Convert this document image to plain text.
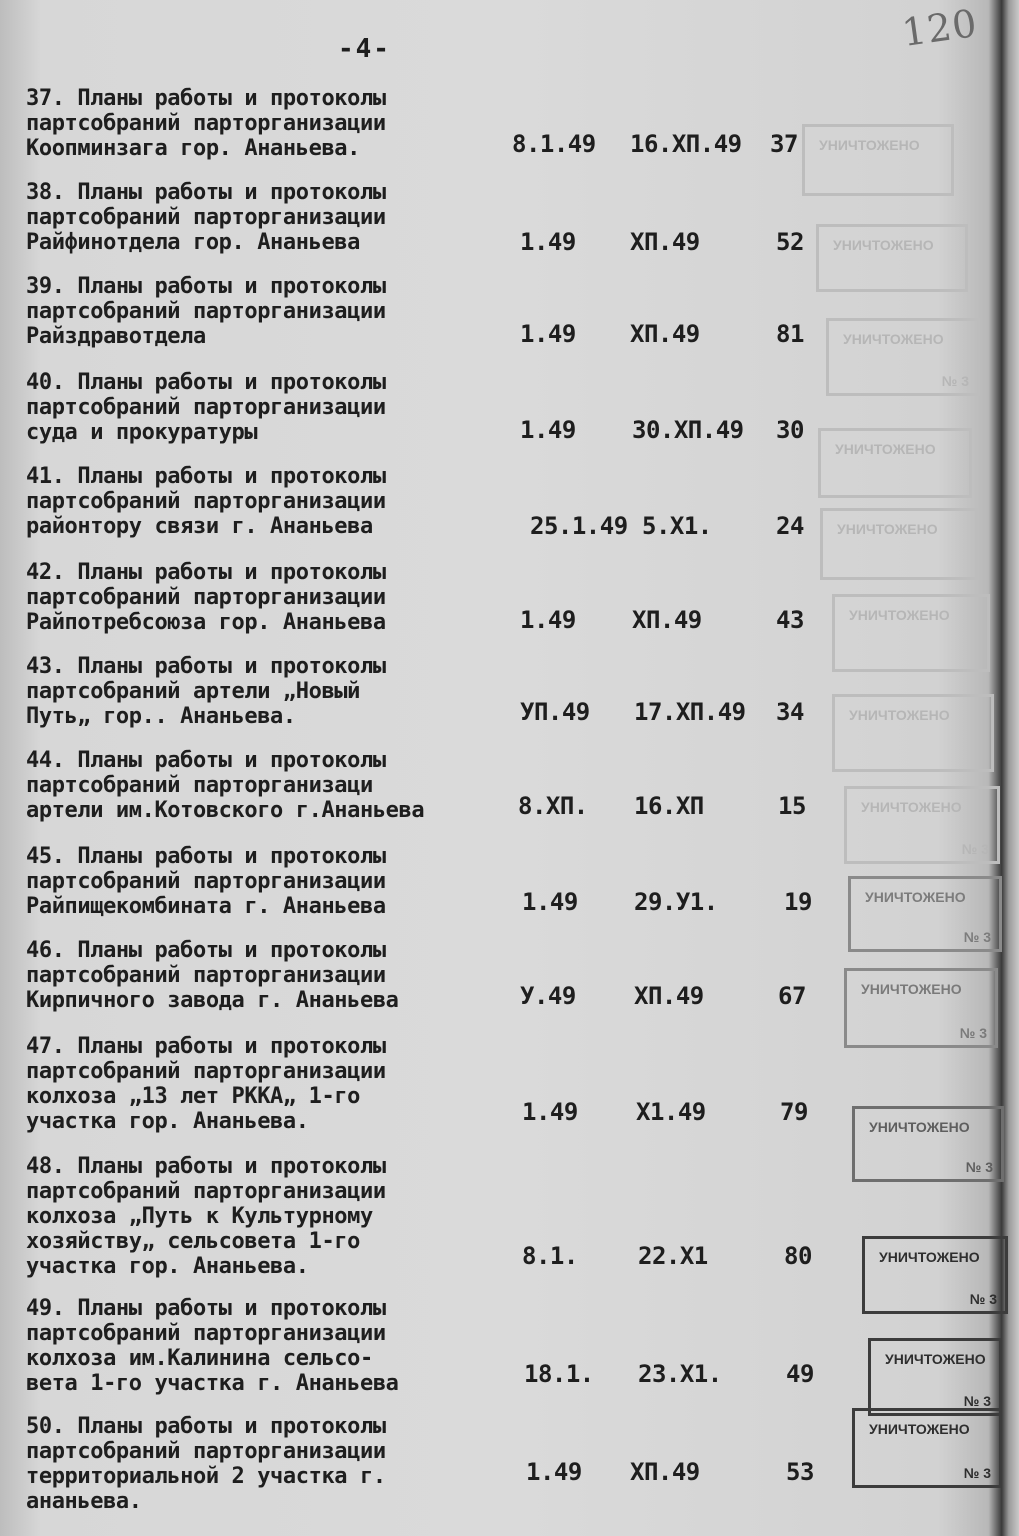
120
-4-
37. Планы работы и протоколы
партсобраний парторганизации
Коопминзага гор. Ананьева.	8.1.49 16.ХП.49 37 УНИЧТОЖЕНО
38. Планы работы и протоколы
партсобраний парторганизации
Райфинотдела гор. Ананьева	1.49 ХП.49	52 УНИЧТОЖЕНО
39. Планы работы и протоколы
партсобраний парторганизации
Райздравотдела	1.49 ХП.49	81	УНИЧТОЖЕНО
№ 3
40. Планы работы и протоколы
партсобраний парторганизации
суда и прокуратуры	1.49 30.ХП.49 30
УНИЧТОЖЕНО
41. Планы работы и протоколы
партсобраний парторганизации
районтору связи г. Ананьева	25.1.49 5.Х1.	24 УНИЧТОЖЕНО
42. Планы работы и протоколы
партсобраний парторганизации
Райпотребсоюза гор. Ананьева	1.49 ХП.49	43	УНИЧТОЖЕНО
43. Планы работы и протоколы
партсобраний артели „Новый
Путь„ гор.. Ананьева.	УП.49 17.ХП.49 34	УНИЧТОЖЕНО
44. Планы работы и протоколы
партсобраний парторганизаци
артели им.Котовского г.Ананьева	8.ХП. 16.ХП	15	УНИЧТОЖЕНО
№ 3
45. Планы работы и протоколы
партсобраний парторганизации
Райпищекомбината г. Ананьева	1.49 29.У1.	19	УНИЧТОЖЕНО
№ 3
46. Планы работы и протоколы
партсобраний парторганизации
Кирпичного завода г. Ананьева	У.49 ХП.49	67	УНИЧТОЖЕНО
№ 3
47. Планы работы и протоколы
партсобраний парторганизации
колхоза „13 лет РККА„ 1-го
участка гор. Ананьева.	1.49 Х1.49	79
УНИЧТОЖЕНО
№ 3
48. Планы работы и протоколы
партсобраний парторганизации
колхоза „Путь к Культурному
хозяйству„ сельсовета 1-го
участка гор. Ананьева.	8.1.	22.Х1	80	УНИЧТОЖЕНО
№ 3
49. Планы работы и протоколы
партсобраний парторганизации
колхоза им.Калинина сельсо-
вета 1-го участка г. Ананьева	18.1. 23.Х1.	49
УНИЧТОЖЕНО
№ 3
50. Планы работы и протоколы
партсобраний парторганизации
территориальной 2 участка г.
ананьева.
1.49 ХП.49	53
УНИЧТОЖЕНО
№ 3
